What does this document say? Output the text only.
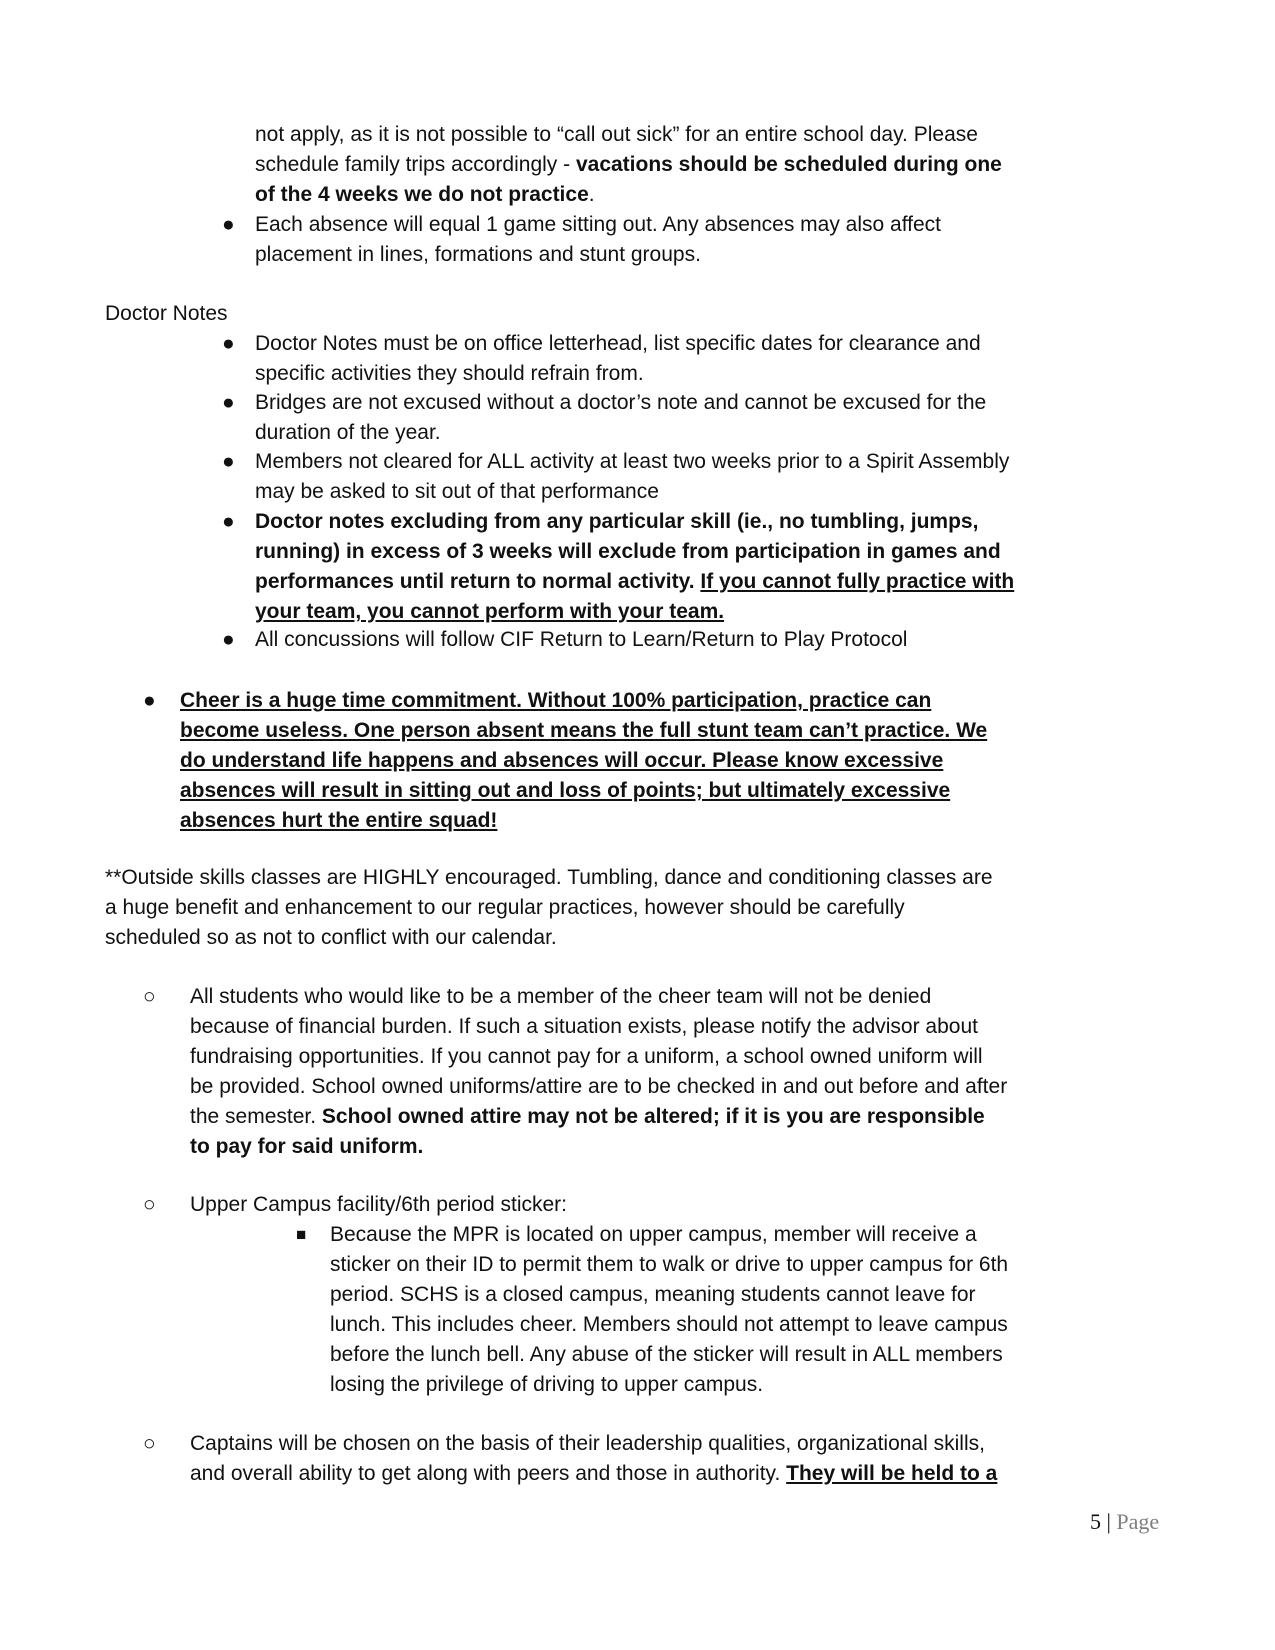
not apply, as it is not possible to “call out sick” for an entire school day. Please
schedule family trips accordingly - vacations should be scheduled during one
of the 4 weeks we do not practice.
● Each absence will equal 1 game sitting out. Any absences may also affect
placement in lines, formations and stunt groups.
Doctor Notes
● Doctor Notes must be on office letterhead, list specific dates for clearance and
specific activities they should refrain from.
● Bridges are not excused without a doctor’s note and cannot be excused for the
duration of the year.
● Members not cleared for ALL activity at least two weeks prior to a Spirit Assembly
may be asked to sit out of that performance
● Doctor notes excluding from any particular skill (ie., no tumbling, jumps,
running) in excess of 3 weeks will exclude from participation in games and
performances until return to normal activity. If you cannot fully practice with
your team, you cannot perform with your team.
● All concussions will follow CIF Return to Learn/Return to Play Protocol
● Cheer is a huge time commitment. Without 100% participation, practice can
become useless. One person absent means the full stunt team can’t practice. We
do understand life happens and absences will occur. Please know excessive
absences will result in sitting out and loss of points; but ultimately excessive
absences hurt the entire squad!
**Outside skills classes are HIGHLY encouraged. Tumbling, dance and conditioning classes are
a huge benefit and enhancement to our regular practices, however should be carefully
scheduled so as not to conflict with our calendar.
○ All students who would like to be a member of the cheer team will not be denied
because of financial burden. If such a situation exists, please notify the advisor about
fundraising opportunities. If you cannot pay for a uniform, a school owned uniform will
be provided. School owned uniforms/attire are to be checked in and out before and after
the semester. School owned attire may not be altered; if it is you are responsible
to pay for said uniform.
○ Upper Campus facility/6th period sticker:
■ Because the MPR is located on upper campus, member will receive a
sticker on their ID to permit them to walk or drive to upper campus for 6th
period. SCHS is a closed campus, meaning students cannot leave for
lunch. This includes cheer. Members should not attempt to leave campus
before the lunch bell. Any abuse of the sticker will result in ALL members
losing the privilege of driving to upper campus.
○ Captains will be chosen on the basis of their leadership qualities, organizational skills,
and overall ability to get along with peers and those in authority. They will be held to a
5 | Page
